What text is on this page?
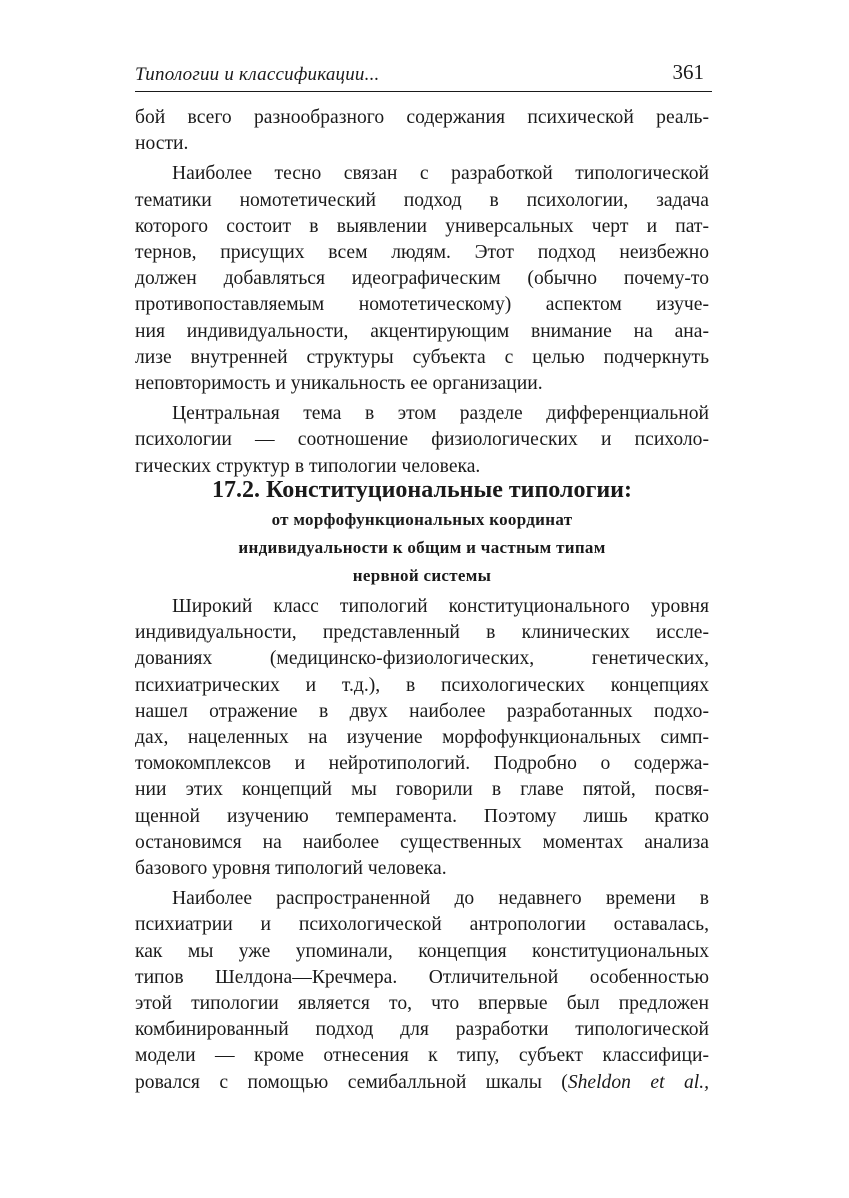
Типологии и классификации...	361
бой всего разнообразного содержания психической реаль-
ности.
Наиболее тесно связан с разработкой типологической
тематики номотетический подход в психологии, задача
которого состоит в выявлении универсальных черт и пат-
тернов, присущих всем людям. Этот подход неизбежно
должен добавляться идеографическим (обычно почему-то
противопоставляемым номотетическому) аспектом изуче-
ния индивидуальности, акцентирующим внимание на ана-
лизе внутренней структуры субъекта с целью подчеркнуть
неповторимость и уникальность ее организации.
Центральная тема в этом разделе дифференциальной
психологии — соотношение физиологических и психоло-
гических структур в типологии человека.
17.2. Конституциональные типологии:
от морфофункциональных координат
индивидуальности к общим и частным типам
нервной системы
Широкий класс типологий конституционального уровня
индивидуальности, представленный в клинических иссле-
дованиях (медицинско-физиологических, генетических,
психиатрических и т.д.), в психологических концепциях
нашел отражение в двух наиболее разработанных подхо-
дах, нацеленных на изучение морфофункциональных симп-
томокомплексов и нейротипологий. Подробно о содержа-
нии этих концепций мы говорили в главе пятой, посвя-
щенной изучению темперамента. Поэтому лишь кратко
остановимся на наиболее существенных моментах анализа
базового уровня типологий человека.
Наиболее распространенной до недавнего времени в
психиатрии и психологической антропологии оставалась,
как мы уже упоминали, концепция конституциональных
типов Шелдона—Кречмера. Отличительной особенностью
этой типологии является то, что впервые был предложен
комбинированный подход для разработки типологической
модели — кроме отнесения к типу, субъект классифици-
ровался с помощью семибалльной шкалы (Sheldon et al.,
